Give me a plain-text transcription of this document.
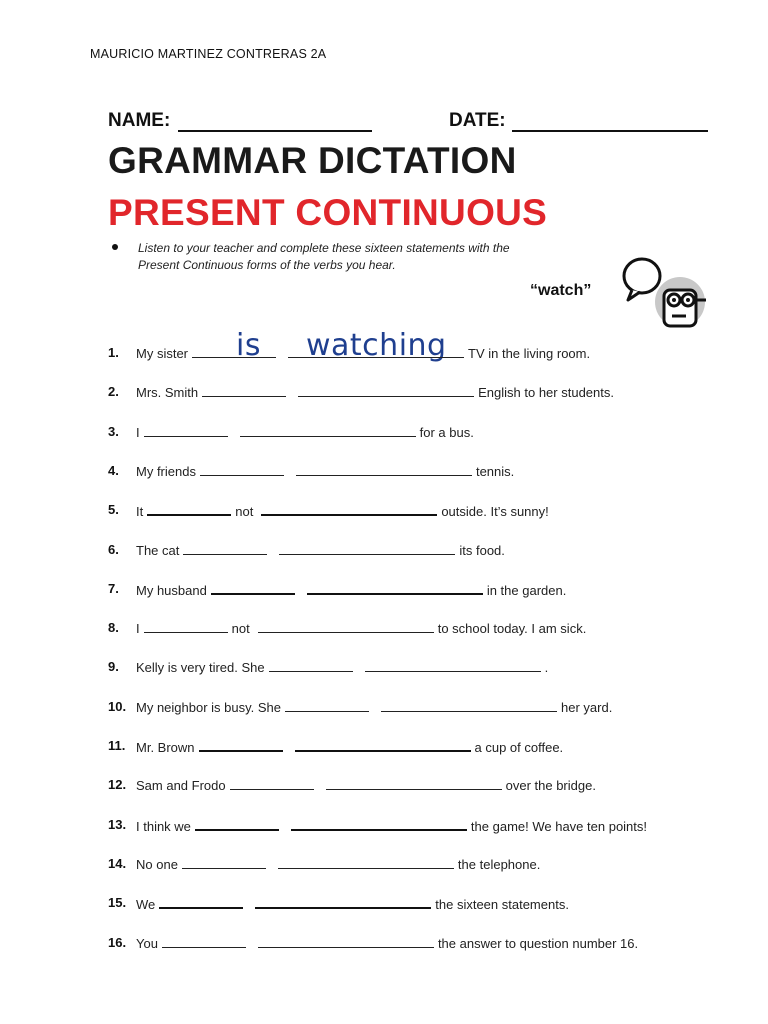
MAURICIO MARTINEZ CONTRERAS 2A
NAME:	DATE:
GRAMMAR DICTATION
PRESENT CONTINUOUS
Listen to your teacher and complete these sixteen statements with the
Present Continuous forms of the verbs you hear.
“watch”
is watching
1.	My sister	TV in the living room.
2.	Mrs. Smith	English to her students.
3.	I	for a bus.
4.	My friends	tennis.
5.	It	not	outside. It’s sunny!
6.	The cat	its food.
7.	My husband	in the garden.
8.	I	not	to school today. I am sick.
9.	Kelly is very tired. She	.
10. My neighbor is busy. She	her yard.
11. Mr. Brown	a cup of coffee.
12. Sam and Frodo	over the bridge.
13. I think we	the game! We have ten points!
14. No one	the telephone.
15. We	the sixteen statements.
16. You	the answer to question number 16.
